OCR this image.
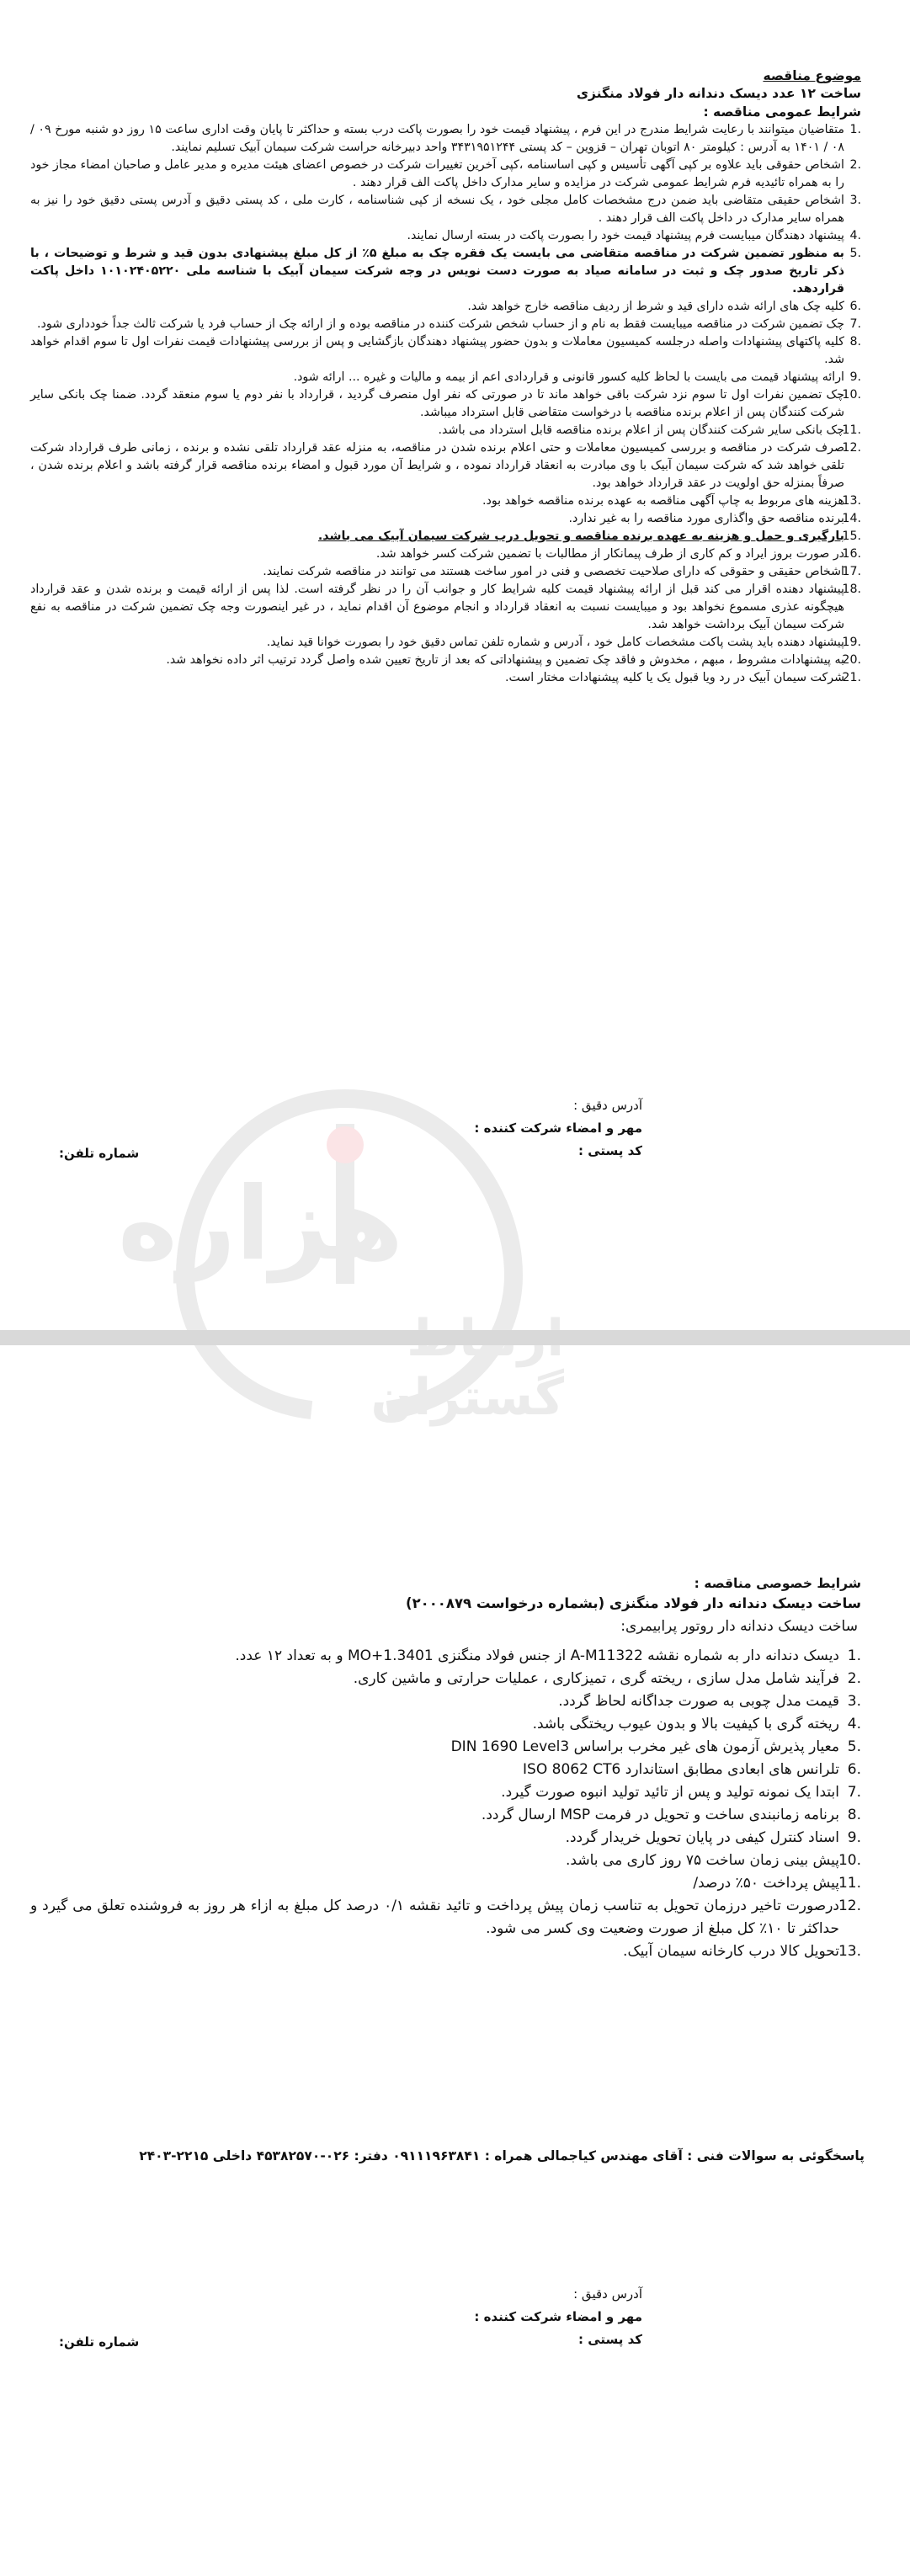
هزاره
گستران
موضوع مناقصه
ساخت ۱۲ عدد دیسک دندانه دار فولاد منگنزی
شرایط عمومی مناقصه :
1.
متقاضیان میتوانند با رعایت شرایط مندرج در این فرم ، پیشنهاد قیمت خود را بصورت پاکت درب بسته و حداکثر تا پایان وقت اداری ساعت ۱۵ روز دو شنبه مورخ ۰۹ / ۰۸ / ۱۴۰۱ به آدرس : کیلومتر ۸۰ اتوبان تهران – قزوین – کد پستی ۳۴۳۱۹۵۱۲۴۴ واحد دبیرخانه حراست شرکت سیمان آبیک تسلیم نمایند.
2.
اشخاص حقوقی باید علاوه بر کپی آگهی تأسیس و کپی اساسنامه ،کپی آخرین تغییرات شرکت در خصوص اعضای هیئت مدیره و مدیر عامل و صاحبان امضاء مجاز خود را به همراه تائیدیه فرم شرایط عمومی شرکت در مزایده و سایر مدارک داخل پاکت الف قرار دهند .
3.
اشخاص حقیقی متقاضی باید ضمن درج مشخصات کامل مجلی خود ، یک نسخه از کپی شناسنامه ، کارت ملی ، کد پستی دقیق و آدرس پستی دقیق خود را نیز به همراه سایر مدارک در داخل پاکت الف قرار دهند .
4.
پیشنهاد دهندگان میبایست فرم پیشنهاد قیمت خود را بصورت پاکت در بسته ارسال نمایند.
5.
به منظور تضمین شرکت در مناقصه متقاضی می بایست یک فقره چک به مبلغ ۵٪ از کل مبلغ پیشنهادی بدون قید و شرط و توضیحات ، با ذکر تاریخ صدور چک و ثبت در سامانه صیاد به صورت دست نویس در وجه شرکت سیمان آبیک با شناسه ملی ۱۰۱۰۲۴۰۵۲۲۰ داخل پاکت قراردهد.
6.
کلیه چک های ارائه شده دارای قید و شرط از ردیف مناقصه خارج خواهد شد.
7.
چک تضمین شرکت در مناقصه میبایست فقط به نام و از حساب شخص شرکت کننده در مناقصه بوده و از ارائه چک از حساب فرد یا شرکت ثالث جداً خودداری شود.
8.
کلیه پاکتهای پیشنهادات واصله درجلسه کمیسیون معاملات و بدون حضور پیشنهاد دهندگان بازگشایی و پس از بررسی پیشنهادات قیمت نفرات اول تا سوم اقدام خواهد شد.
9.
ارائه پیشنهاد قیمت می بایست با لحاظ کلیه کسور قانونی و قراردادی اعم از بیمه و مالیات و غیره ... ارائه شود.
10.
چک تضمین نفرات اول تا سوم نزد شرکت باقی خواهد ماند تا در صورتی که نفر اول منصرف گردید ، قرارداد با نفر دوم یا سوم منعقد گردد. ضمنا چک بانکی سایر شرکت کنندگان پس از اعلام برنده مناقصه با درخواست متقاضی قابل استرداد میباشد.
11.
چک بانکی سایر شرکت کنندگان پس از اعلام برنده مناقصه قابل استرداد می باشد.
12.
صرف شرکت در مناقصه و بررسی کمیسیون معاملات و حتی اعلام برنده شدن در مناقصه، به منزله عقد قرارداد تلقی نشده و برنده ، زمانی طرف قرارداد شرکت تلقی خواهد شد که شرکت سیمان آبیک با وی مبادرت به انعقاد قرارداد نموده ، و شرایط آن مورد قبول و امضاء برنده مناقصه قرار گرفته باشد و اعلام برنده شدن ، صرفاً بمنزله حق اولویت در عقد قرارداد خواهد بود.
13.
هزینه های مربوط به چاپ آگهی مناقصه به عهده برنده مناقصه خواهد بود.
14.
برنده مناقصه حق واگذاری مورد مناقصه را به غیر ندارد.
15.
بارگیری و حمل و هزینه به عهده برنده مناقصه و تحویل درب شرکت سیمان آبیک می باشد.
16.
در صورت بروز ایراد و کم کاری از طرف پیمانکار از مطالبات با تضمین شرکت کسر خواهد شد.
17.
اشخاص حقیقی و حقوقی که دارای صلاحیت تخصصی و فنی در امور ساخت هستند می توانند در مناقصه شرکت نمایند.
18.
پیشنهاد دهنده اقرار می کند قبل از ارائه پیشنهاد قیمت کلیه شرایط کار و جوانب آن را در نظر گرفته است. لذا پس از ارائه قیمت و برنده شدن و عقد قرارداد هیچگونه عذری مسموع نخواهد بود و میبایست نسبت به انعقاد قرارداد و انجام موضوع آن اقدام نماید ، در غیر اینصورت وجه چک تضمین شرکت در مناقصه به نفع شرکت سیمان آبیک برداشت خواهد شد.
19.
پیشنهاد دهنده باید پشت پاکت مشخصات کامل خود ، آدرس و شماره تلفن تماس دقیق خود را بصورت خوانا قید نماید.
20.
به پیشنهادات مشروط ، مبهم ، مخدوش و فاقد چک تضمین و پیشنهاداتی که بعد از تاریخ تعیین شده واصل گردد ترتیب اثر داده نخواهد شد.
21.
شرکت سیمان آبیک در رد ویا قبول یک یا کلیه پیشنهادات مختار است.
آدرس دقیق :
مهر و امضاء شرکت کننده :
کد پستی :
شماره تلفن:
شرایط خصوصی مناقصه :
ساخت دیسک دندانه دار فولاد منگنزی (بشماره درخواست ۲۰۰۰۸۷۹)
ساخت دیسک دندانه دار روتور پرابیمری:
1.
دیسک دندانه دار به شماره نقشه A-M11322 از جنس فولاد منگنزی 1.3401+MO و به تعداد ۱۲ عدد.
2.
فرآیند شامل مدل سازی ، ریخته گری ، تمیزکاری ، عملیات حرارتی و ماشین کاری.
3.
قیمت مدل چوبی به صورت جداگانه لحاظ گردد.
4.
ریخته گری با کیفیت بالا و بدون عیوب ریختگی باشد.
5.
معیار پذیرش آزمون های غیر مخرب براساس DIN 1690 Level3
6.
تلرانس های ابعادی مطابق استاندارد ISO 8062 CT6
7.
ابتدا یک نمونه تولید و پس از تائید تولید انبوه صورت گیرد.
8.
برنامه زمانبندی ساخت و تحویل در فرمت MSP ارسال گردد.
9.
اسناد کنترل کیفی در پایان تحویل خریدار گردد.
10.
پیش بینی زمان ساخت ۷۵ روز کاری می باشد.
11.
پیش پرداخت ۵۰٪ درصد/
12.
درصورت تاخیر درزمان تحویل به تناسب زمان پیش پرداخت و تائید نقشه ۰/۱ درصد کل مبلغ به ازاء هر روز به فروشنده تعلق می گیرد و حداکثر تا ۱۰٪ کل مبلغ از صورت وضعیت وی کسر می شود.
13.
تحویل کالا درب کارخانه سیمان آبیک.
پاسخگوئی به سوالات فنی : آقای مهندس کیاجمالی همراه : ۰۹۱۱۱۹۶۳۸۴۱ دفتر: ۰۲۶-۴۵۳۸۲۵۷۰ داخلی ۲۲۱۵-۲۴۰۳
آدرس دقیق :
مهر و امضاء شرکت کننده :
کد پستی :
شماره تلفن:
